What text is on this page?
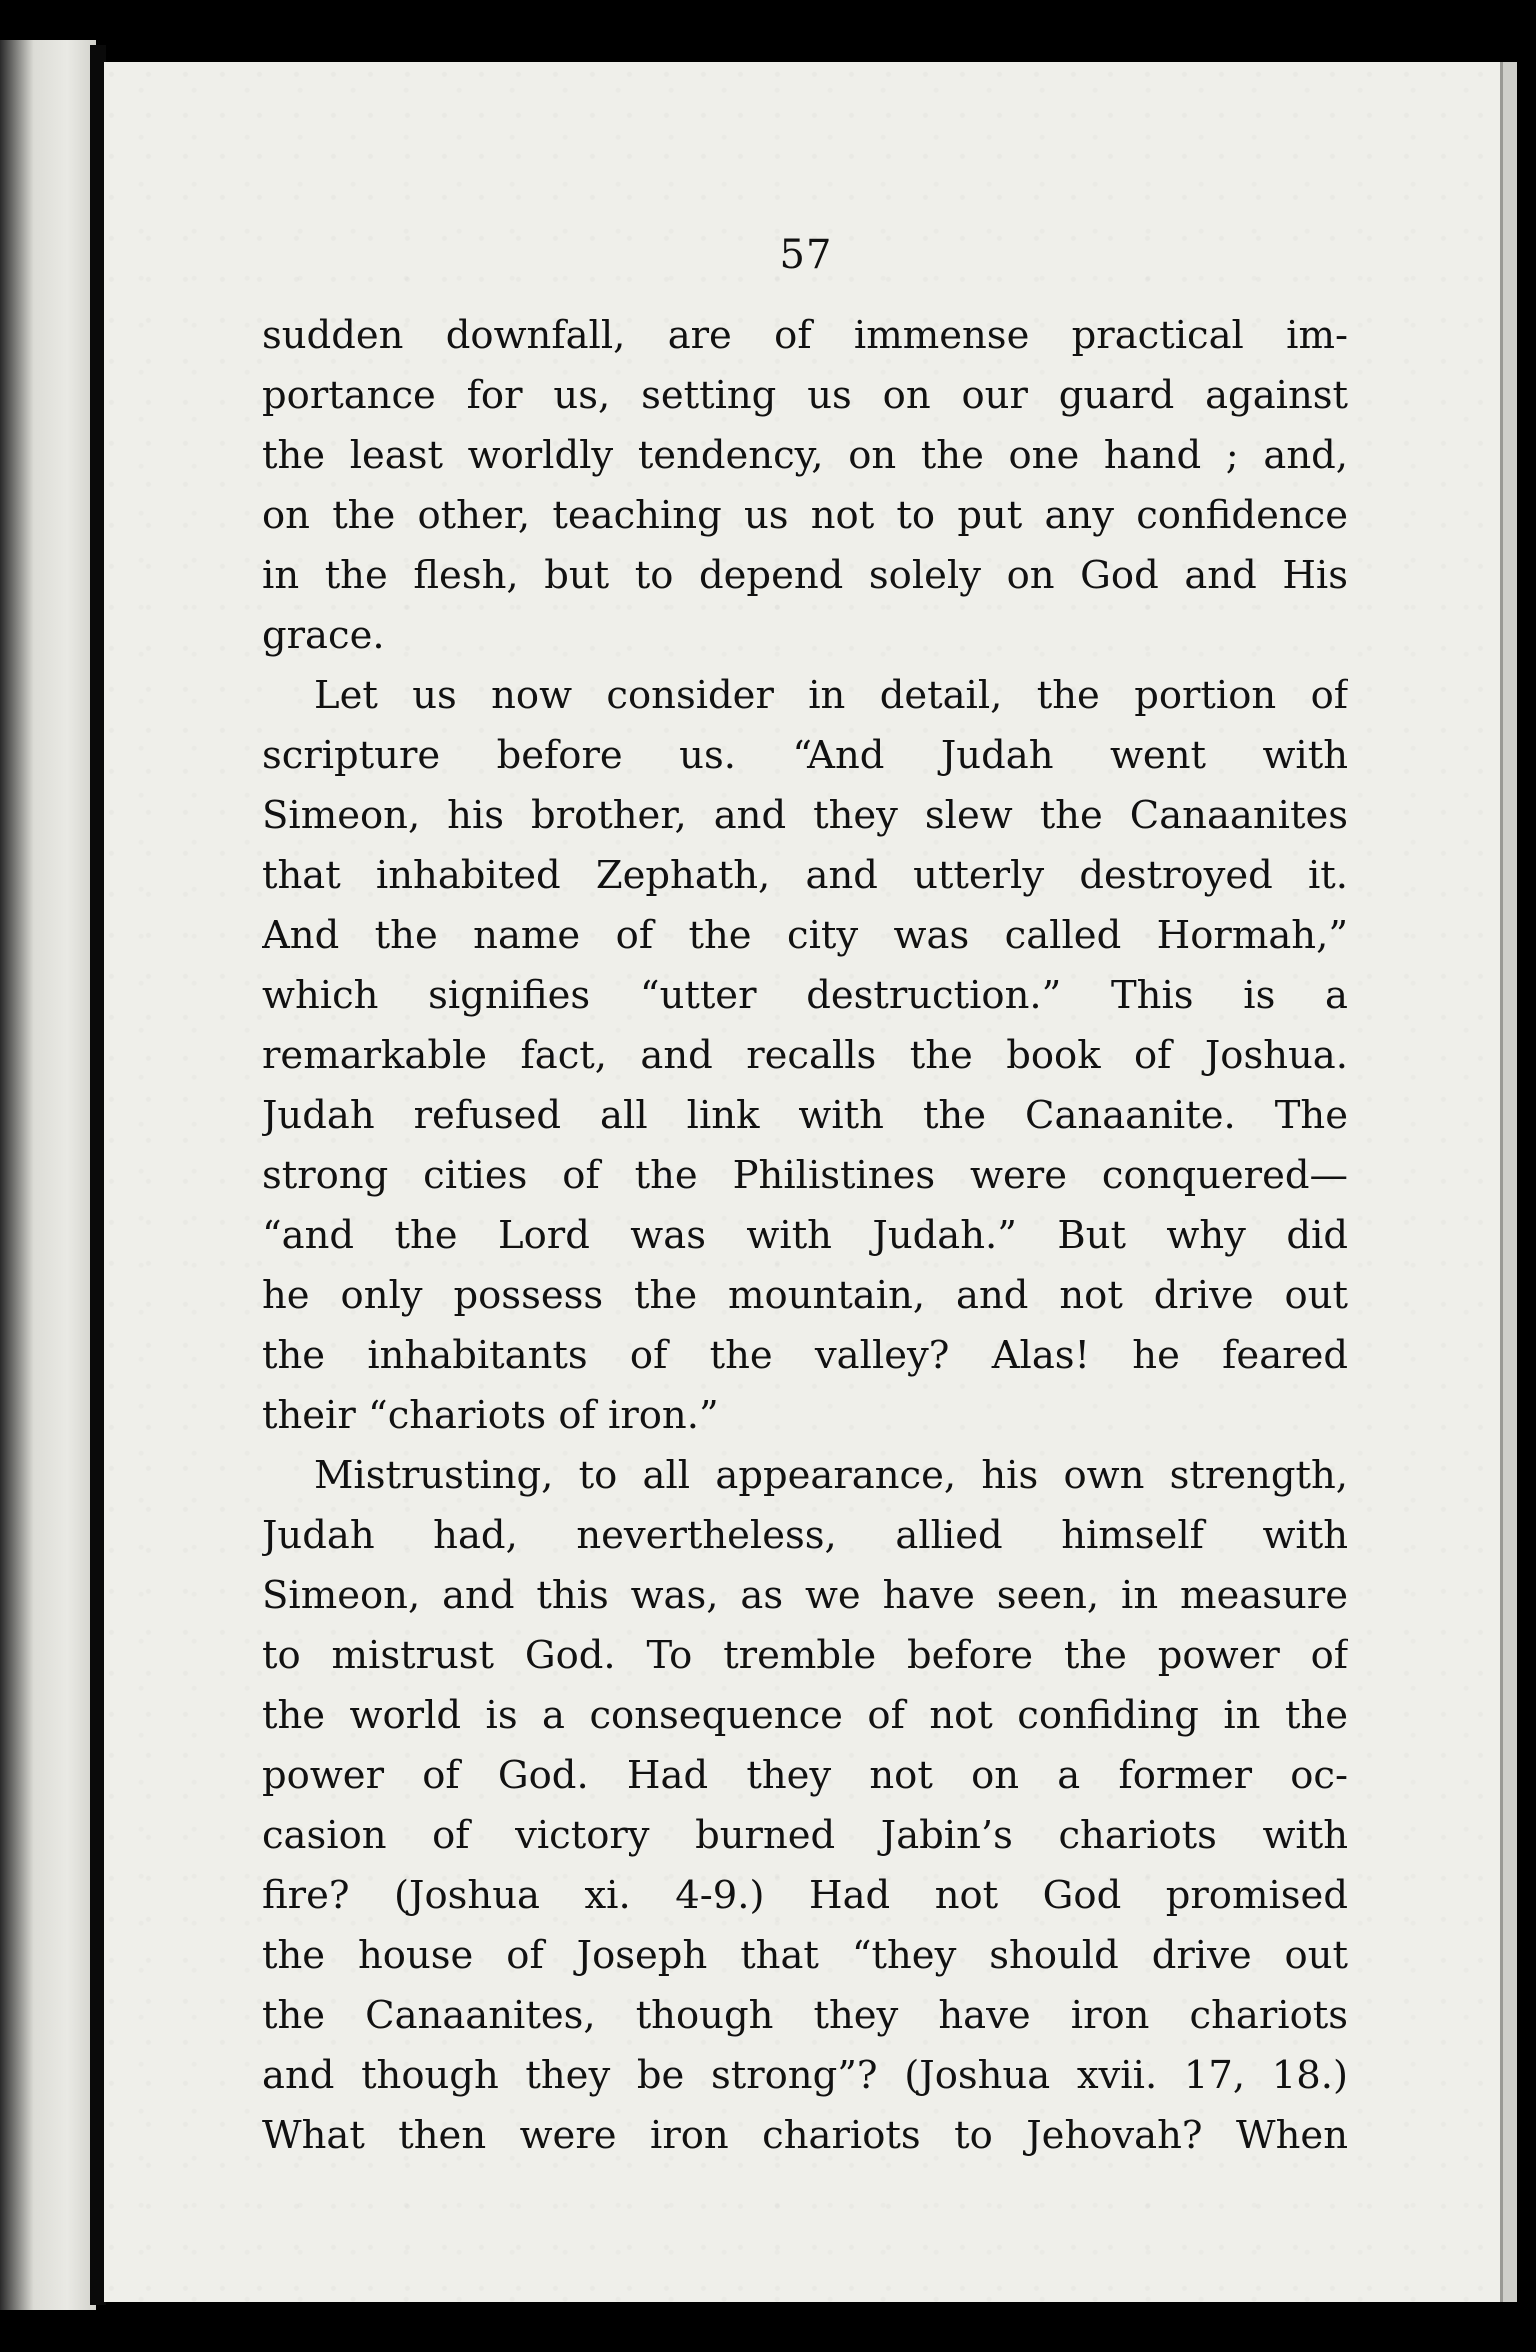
57
sudden downfall, are of immense practical im-
portance for us, setting us on our guard against
the least worldly tendency, on the one hand ; and,
on the other, teaching us not to put any confidence
in the flesh, but to depend solely on God and His
grace.
Let us now consider in detail, the portion of
scripture before us. “And Judah went with
Simeon, his brother, and they slew the Canaanites
that inhabited Zephath, and utterly destroyed it.
And the name of the city was called Hormah,”
which signifies “utter destruction.” This is a
remarkable fact, and recalls the book of Joshua.
Judah refused all link with the Canaanite. The
strong cities of the Philistines were conquered—
“and the Lord was with Judah.” But why did
he only possess the mountain, and not drive out
the inhabitants of the valley? Alas! he feared
their “chariots of iron.”
Mistrusting, to all appearance, his own strength,
Judah had, nevertheless, allied himself with
Simeon, and this was, as we have seen, in measure
to mistrust God. To tremble before the power of
the world is a consequence of not confiding in the
power of God. Had they not on a former oc-
casion of victory burned Jabin’s chariots with
fire? (Joshua xi. 4-9.) Had not God promised
the house of Joseph that “they should drive out
the Canaanites, though they have iron chariots
and though they be strong”? (Joshua xvii. 17, 18.)
What then were iron chariots to Jehovah? When
